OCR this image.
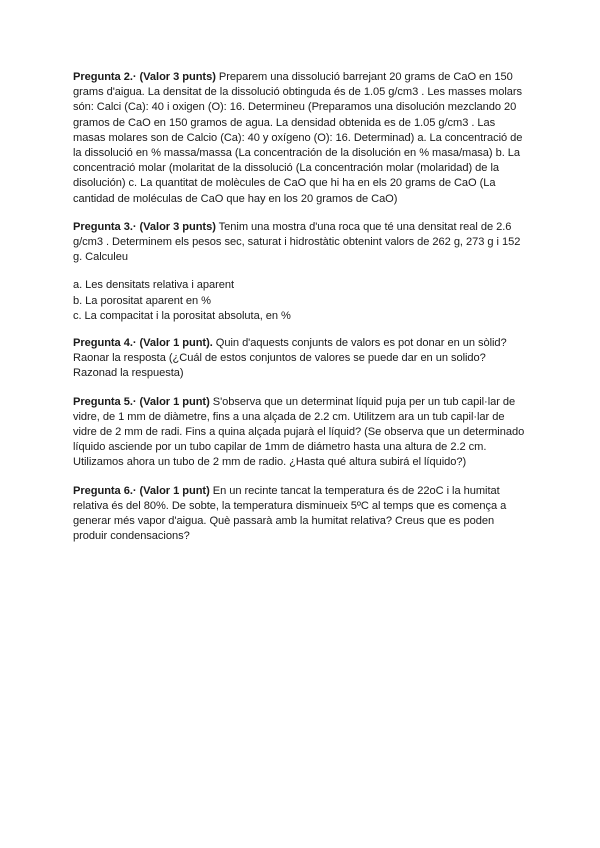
Pregunta 2.· (Valor 3 punts) Preparem una dissolució barrejant 20 grams de CaO en 150 grams d'aigua. La densitat de la dissolució obtinguda és de 1.05 g/cm3 . Les masses molars són: Calci (Ca): 40 i oxigen (O): 16. Determineu (Preparamos una disolución mezclando 20 gramos de CaO en 150 gramos de agua. La densidad obtenida es de 1.05 g/cm3 . Las masas molares son de Calcio (Ca): 40 y oxígeno (O): 16. Determinad) a. La concentració de la dissolució en % massa/massa (La concentración de la disolución en % masa/masa) b. La concentració molar (molaritat de la dissolució (La concentración molar (molaridad) de la disolución) c. La quantitat de molècules de CaO que hi ha en els 20 grams de CaO (La cantidad de moléculas de CaO que hay en los 20 gramos de CaO)

Pregunta 3.· (Valor 3 punts) Tenim una mostra d'una roca que té una densitat real de 2.6 g/cm3 . Determinem els pesos sec, saturat i hidrostàtic obtenint valors de 262 g, 273 g i 152 g. Calculeu

a. Les densitats relativa i aparent
b. La porositat aparent en %
c. La compacitat i la porositat absoluta, en %

Pregunta 4.· (Valor 1 punt). Quin d'aquests conjunts de valors es pot donar en un sòlid? Raonar la resposta (¿Cuál de estos conjuntos de valores se puede dar en un solido? Razonad la respuesta)

Pregunta 5.· (Valor 1 punt) S'observa que un determinat líquid puja per un tub capil·lar de vidre, de 1 mm de diàmetre, fins a una alçada de 2.2 cm. Utilitzem ara un tub capil·lar de vidre de 2 mm de radi. Fins a quina alçada pujarà el líquid? (Se observa que un determinado líquido asciende por un tubo capilar de 1mm de diámetro hasta una altura de 2.2 cm. Utilizamos ahora un tubo de 2 mm de radio. ¿Hasta qué altura subirá el líquido?)

Pregunta 6.· (Valor 1 punt) En un recinte tancat la temperatura és de 22oC i la humitat relativa és del 80%. De sobte, la temperatura disminueix 5ºC al temps que es comença a generar més vapor d'aigua. Què passarà amb la humitat relativa? Creus que es poden produir condensacions?
